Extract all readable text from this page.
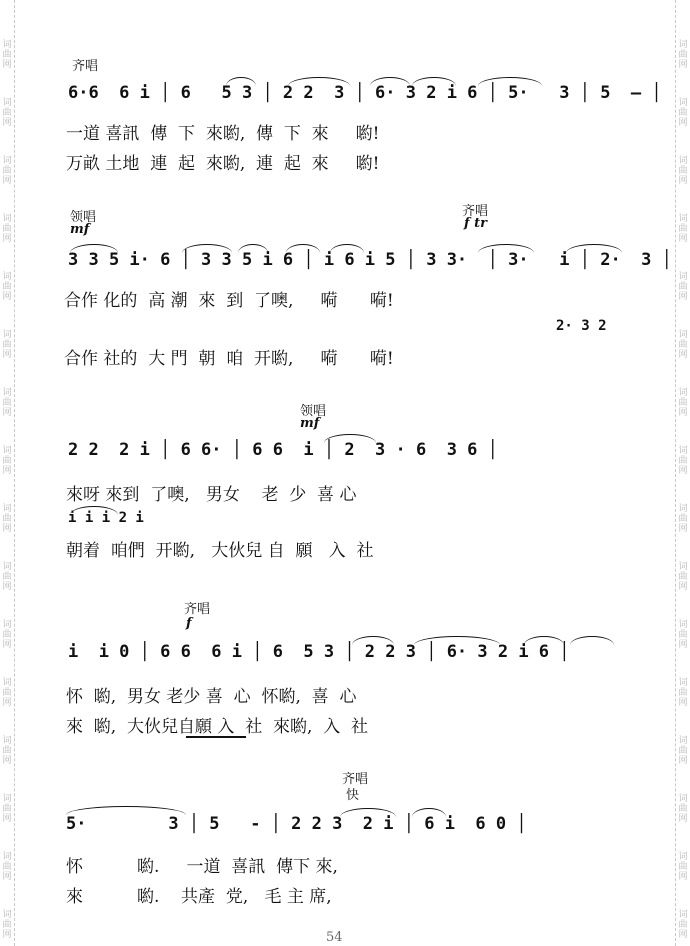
词
曲
网
词
曲
网
词
曲
网
词
曲
网
词
曲
网
词
曲
网
词
曲
网
词
曲
网
词
曲
网
词
曲
网
词
曲
网
词
曲
网
词
曲
网
词
曲
网
词
曲
网
词
曲
网
词
曲
网
词
曲
网
词
曲
网
词
曲
网
词
曲
网
词
曲
网
词
曲
网
词
曲
网
词
曲
网
词
曲
网
词
曲
网
词
曲
网
词
曲
网
词
曲
网
词
曲
网
词
曲
网
齐唱
6·6  6 i │ 6   5 3 │ 2 2  3 │ 6· 3 2 i 6 │ 5·   3 │ 5  — │
一道 喜訊  傳  下  來喲,  傳  下  來     喲!
万畝 土地  連  起  來喲,  連  起  來     喲!
领唱
mf
齐唱
f tr
3 3 5 i· 6 │ 3 3 5 i 6 │ i 6 i 5 │ 3 3·  │ 3·   i │ 2·  3 │
合作 化的  高 潮  來  到  了噢,     嗬      嗬!
2· 3 2
合作 社的  大 門  朝  咱  开喲,     嗬      嗬!
领唱
mf
2 2  2 i │ 6 6· │ 6 6  i │ 2  3 · 6  3 6 │
來呀 來到  了噢,   男女    老  少  喜 心
i i i 2 i
朝着  咱們  开喲,   大伙兒 自  願   入  社
齐唱
f
i  i 0 │ 6 6  6 i │ 6  5 3 │ 2 2 3 │ 6· 3 2 i 6 │
怀  喲,  男女 老少 喜  心  怀喲,  喜  心
來  喲,  大伙兒自願 入  社  來喲,  入  社
齐唱
快
5·        3 │ 5   - │ 2 2 3  2 i │ 6 i  6 0 │
怀          喲.     一道  喜訊  傳下 來,
來          喲.    共產  党,   毛 主 席,
54
